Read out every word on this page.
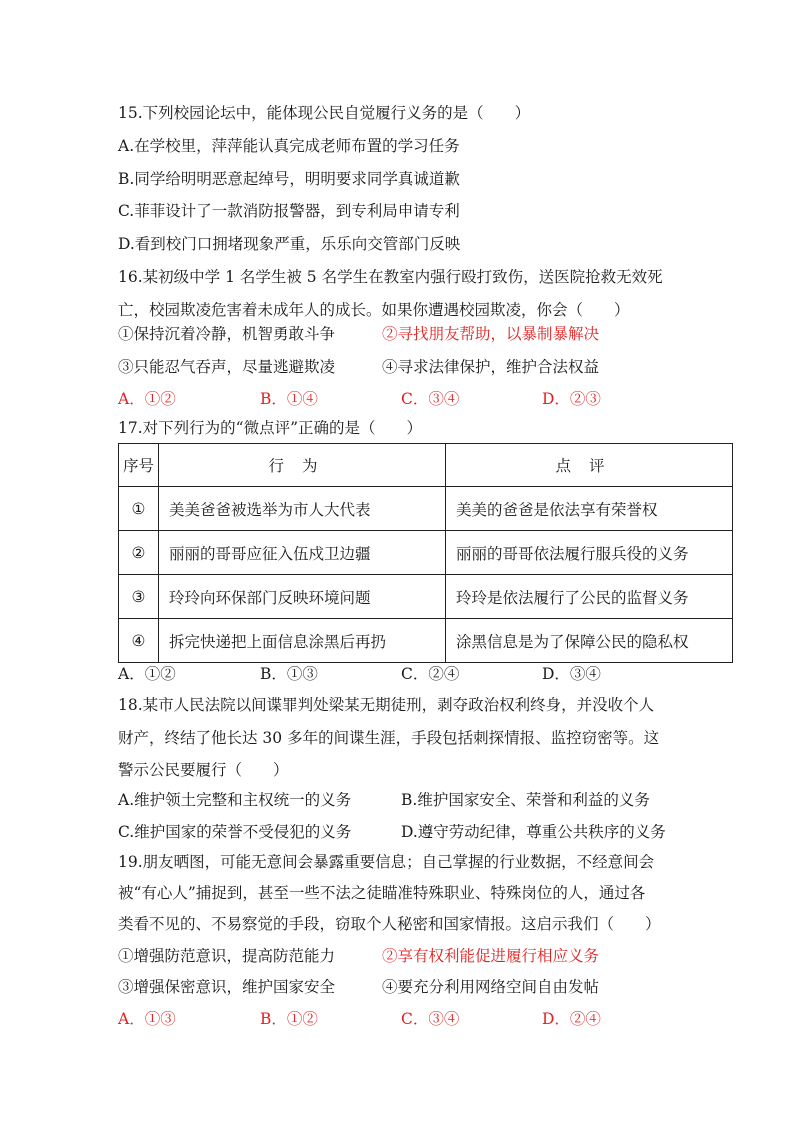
15.下列校园论坛中，能体现公民自觉履行义务的是（　　）
A.在学校里，萍萍能认真完成老师布置的学习任务
B.同学给明明恶意起绰号，明明要求同学真诚道歉
C.菲菲设计了一款消防报警器，到专利局申请专利
D.看到校门口拥堵现象严重，乐乐向交管部门反映
16.某初级中学 1 名学生被 5 名学生在教室内强行殴打致伤，送医院抢救无效死
亡，校园欺凌危害着未成年人的成长。如果你遭遇校园欺凌，你会（　　）
①保持沉着冷静，机智勇敢斗争	②寻找朋友帮助，以暴制暴解决
③只能忍气吞声，尽量逃避欺凌	④寻求法律保护，维护合法权益
A．①②	B．①④	C．③④	D．②③
17.对下列行为的“微点评”正确的是（　　）
序号	行为	点评
①	美美爸爸被选举为市人大代表	美美的爸爸是依法享有荣誉权
②	丽丽的哥哥应征入伍戍卫边疆	丽丽的哥哥依法履行服兵役的义务
③	玲玲向环保部门反映环境问题	玲玲是依法履行了公民的监督义务
④	拆完快递把上面信息涂黑后再扔	涂黑信息是为了保障公民的隐私权
A．①②	B．①③	C．②④	D．③④
18.某市人民法院以间谍罪判处梁某无期徒刑，剥夺政治权利终身，并没收个人
财产，终结了他长达 30 多年的间谍生涯，手段包括刺探情报、监控窃密等。这
警示公民要履行（　　）
A.维护领土完整和主权统一的义务	B.维护国家安全、荣誉和利益的义务
C.维护国家的荣誉不受侵犯的义务	D.遵守劳动纪律，尊重公共秩序的义务
19.朋友晒图，可能无意间会暴露重要信息；自己掌握的行业数据，不经意间会
被“有心人”捕捉到，甚至一些不法之徒瞄准特殊职业、特殊岗位的人，通过各
类看不见的、不易察觉的手段，窃取个人秘密和国家情报。这启示我们（　　）
①增强防范意识，提高防范能力	②享有权利能促进履行相应义务
③增强保密意识，维护国家安全	④要充分利用网络空间自由发帖
A．①③	B．①②	C．③④	D．②④
